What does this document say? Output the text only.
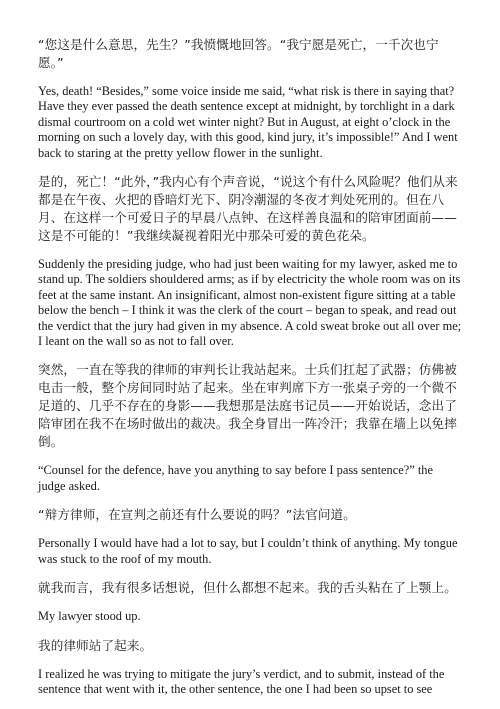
“您这是什么意思，先生？”我愤慨地回答。“我宁愿是死亡，一千次也宁愿。”

Yes, death! “Besides,” some voice inside me said, “what risk is there in saying that? Have they ever passed the death sentence except at midnight, by torchlight in a dark dismal courtroom on a cold wet winter night? But in August, at eight o’clock in the morning on such a lovely day, with this good, kind jury, it’s impossible!” And I went back to staring at the pretty yellow flower in the sunlight.

是的，死亡！“此外，”我内心有个声音说，“说这个有什么风险呢？他们从来都是在午夜、火把的昏暗灯光下、阴冷潮湿的冬夜才判处死刑的。但在八月、在这样一个可爱日子的早晨八点钟、在这样善良温和的陪审团面前——这是不可能的！”我继续凝视着阳光中那朵可爱的黄色花朵。

Suddenly the presiding judge, who had just been waiting for my lawyer, asked me to stand up. The soldiers shouldered arms; as if by electricity the whole room was on its feet at the same instant. An insignificant, almost non-existent figure sitting at a table below the bench – I think it was the clerk of the court – began to speak, and read out the verdict that the jury had given in my absence. A cold sweat broke out all over me; I leant on the wall so as not to fall over.

突然，一直在等我的律师的审判长让我站起来。士兵们扛起了武器；仿佛被电击一般，整个房间同时站了起来。坐在审判席下方一张桌子旁的一个微不足道的、几乎不存在的身影——我想那是法庭书记员——开始说话，念出了陪审团在我不在场时做出的裁决。我全身冒出一阵冷汗；我靠在墙上以免摔倒。

“Counsel for the defence, have you anything to say before I pass sentence?” the judge asked.

“辩方律师，在宣判之前还有什么要说的吗？”法官问道。

Personally I would have had a lot to say, but I couldn’t think of anything. My tongue was stuck to the roof of my mouth.

就我而言，我有很多话想说，但什么都想不起来。我的舌头粘在了上颚上。

My lawyer stood up.

我的律师站了起来。

I realized he was trying to mitigate the jury’s verdict, and to submit, instead of the sentence that went with it, the other sentence, the one I had been so upset to see
